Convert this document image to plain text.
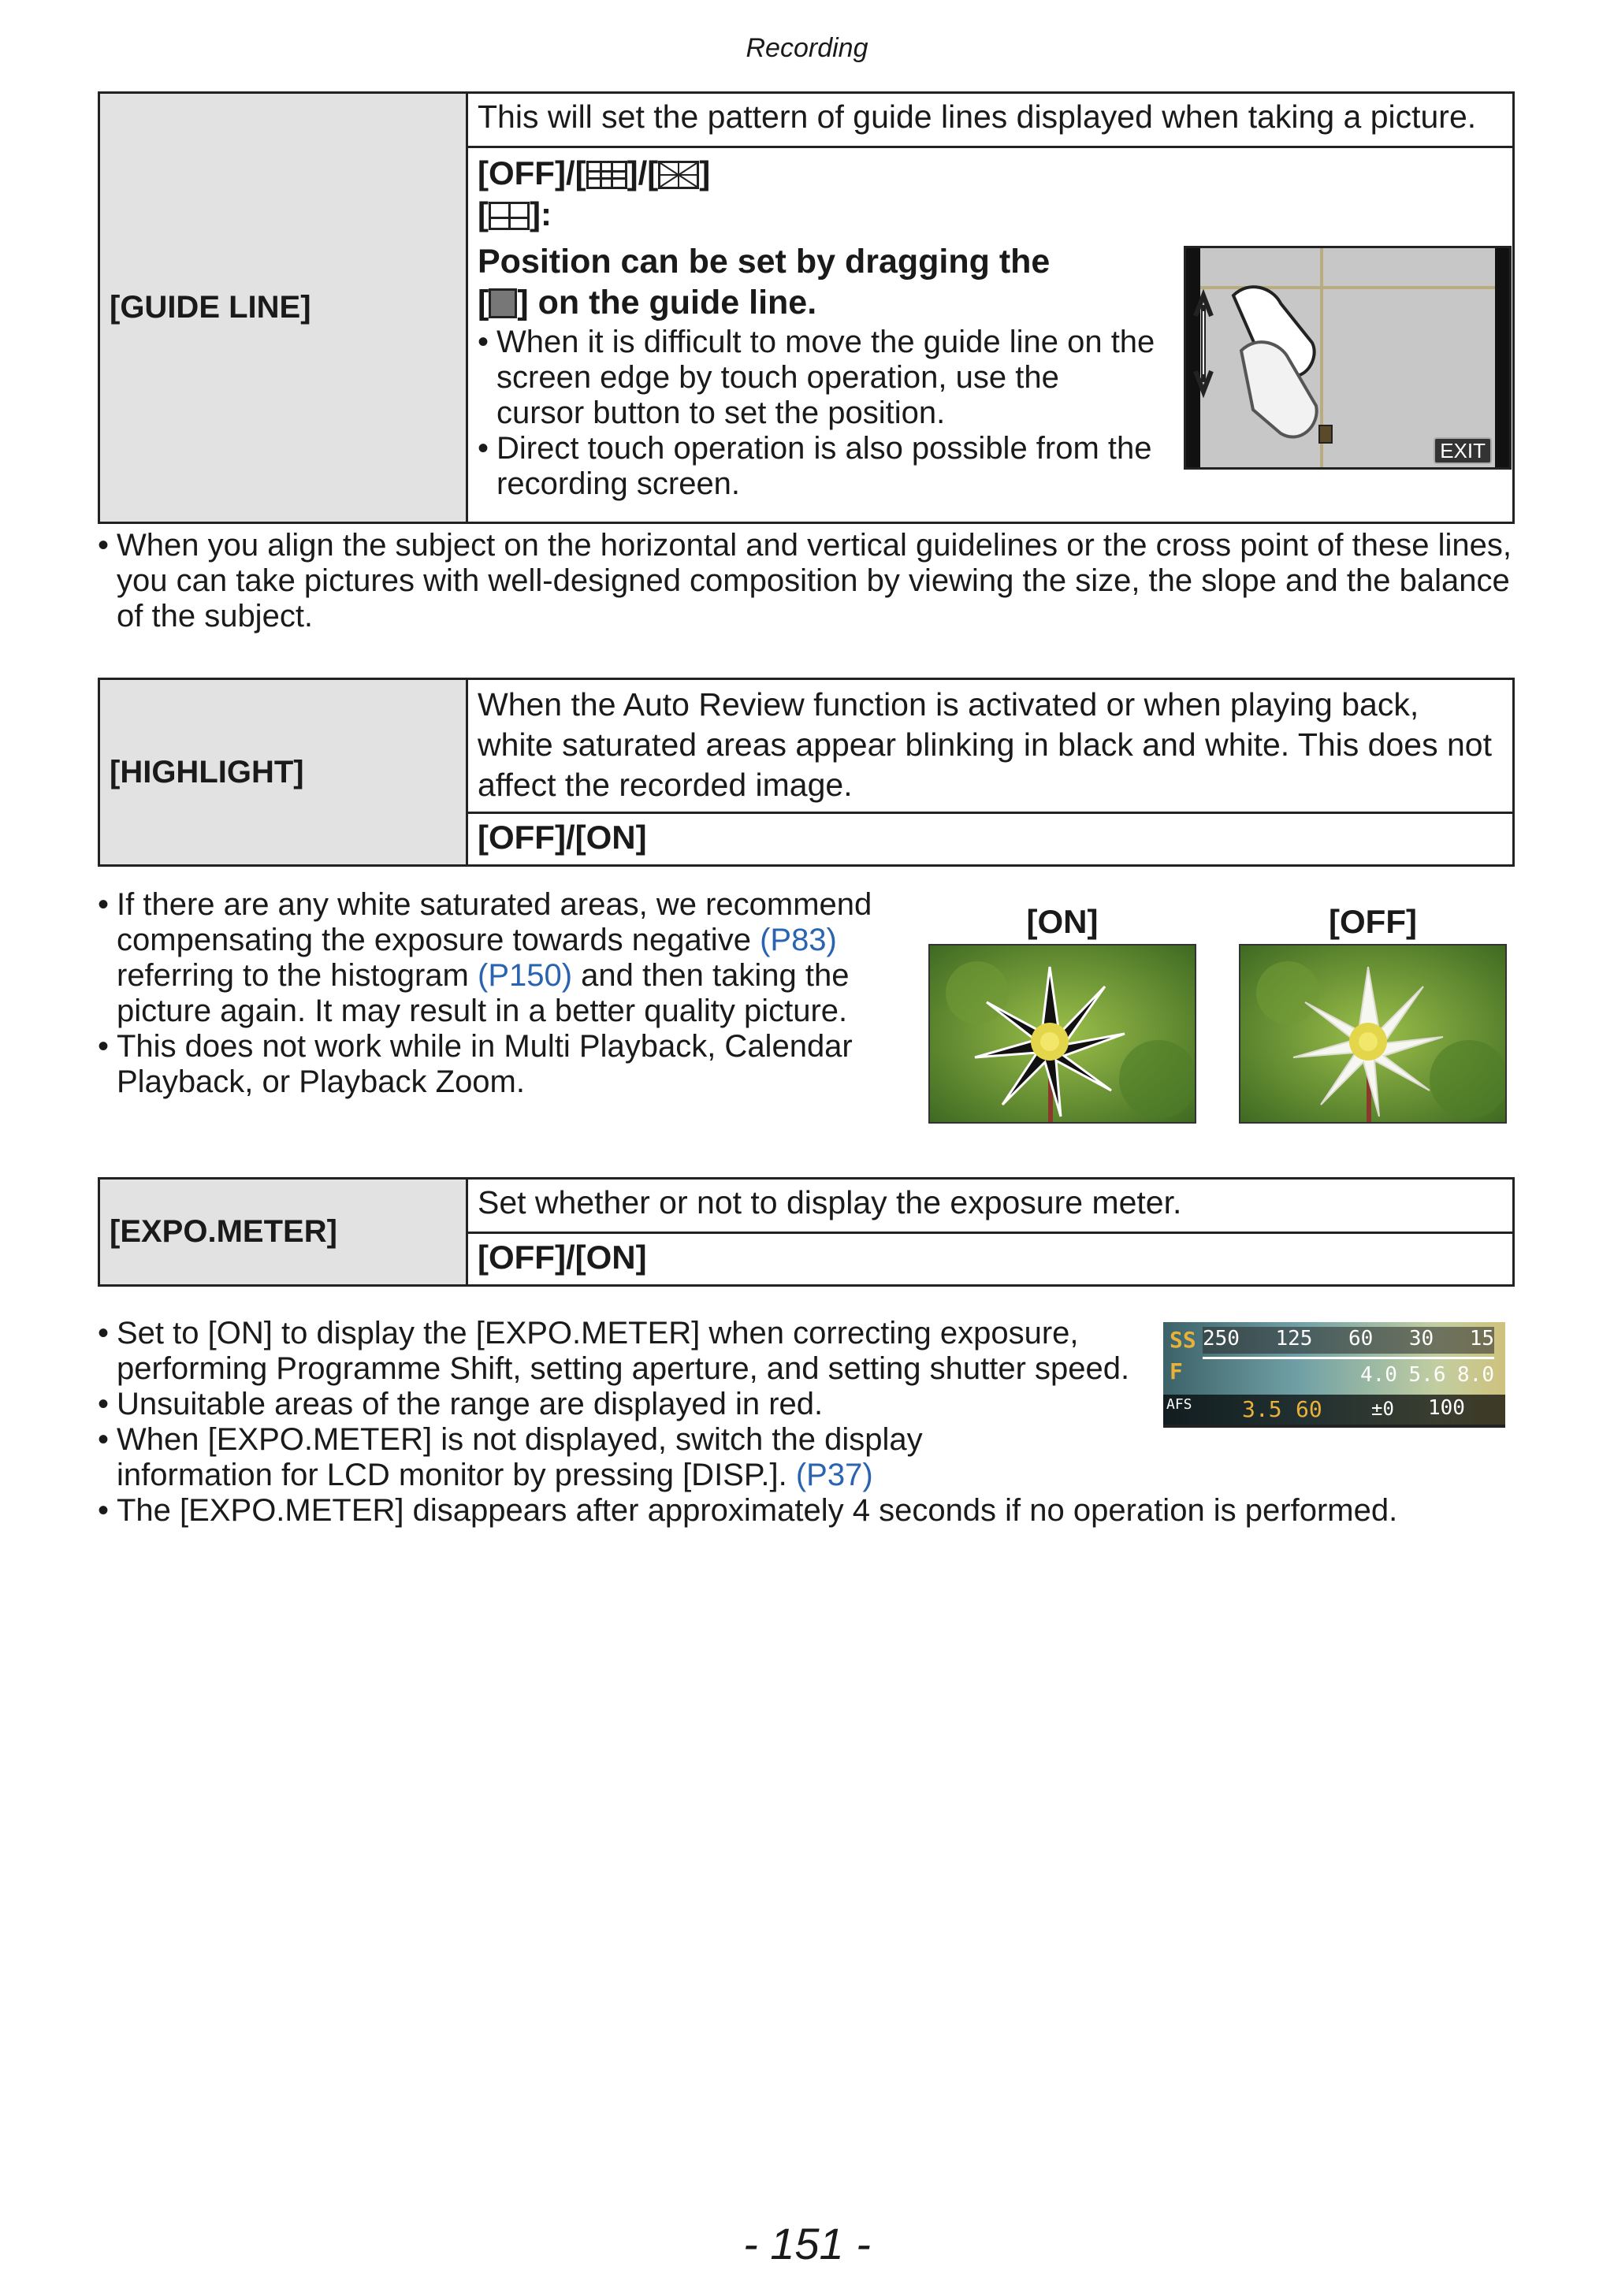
Recording
[GUIDE LINE]	This will set the pattern of guide lines displayed when taking a picture.

[OFF]/[ ]/[ ]
[ ]:
Position can be set by dragging the
[ ] on the guide line.
• When it is difficult to move the guide line on the screen edge by touch operation, use the cursor button to set the position.
• Direct touch operation is also possible from the recording screen.
EXIT
• When you align the subject on the horizontal and vertical guidelines or the cross point of these lines, you can take pictures with well-designed composition by viewing the size, the slope and the balance of the subject.
[HIGHLIGHT]	When the Auto Review function is activated or when playing back, white saturated areas appear blinking in black and white. This does not affect the recorded image.
[OFF]/[ON]
• If there are any white saturated areas, we recommend compensating the exposure towards negative (P83) referring to the histogram (P150) and then taking the picture again. It may result in a better quality picture.
• This does not work while in Multi Playback, Calendar Playback, or Playback Zoom.
[ON]	[OFF]
[EXPO.METER]	Set whether or not to display the exposure meter.
[OFF]/[ON]
• Set to [ON] to display the [EXPO.METER] when correcting exposure, performing Programme Shift, setting aperture, and setting shutter speed.
• Unsuitable areas of the range are displayed in red.
• When [EXPO.METER] is not displayed, switch the display information for LCD monitor by pressing [DISP.]. (P37)
• The [EXPO.METER] disappears after approximately 4 seconds if no operation is performed.
SS
F
250 125 60 30 15
4.0 5.6 8.0
AFS 3.5 60	±0 100
- 151 -
